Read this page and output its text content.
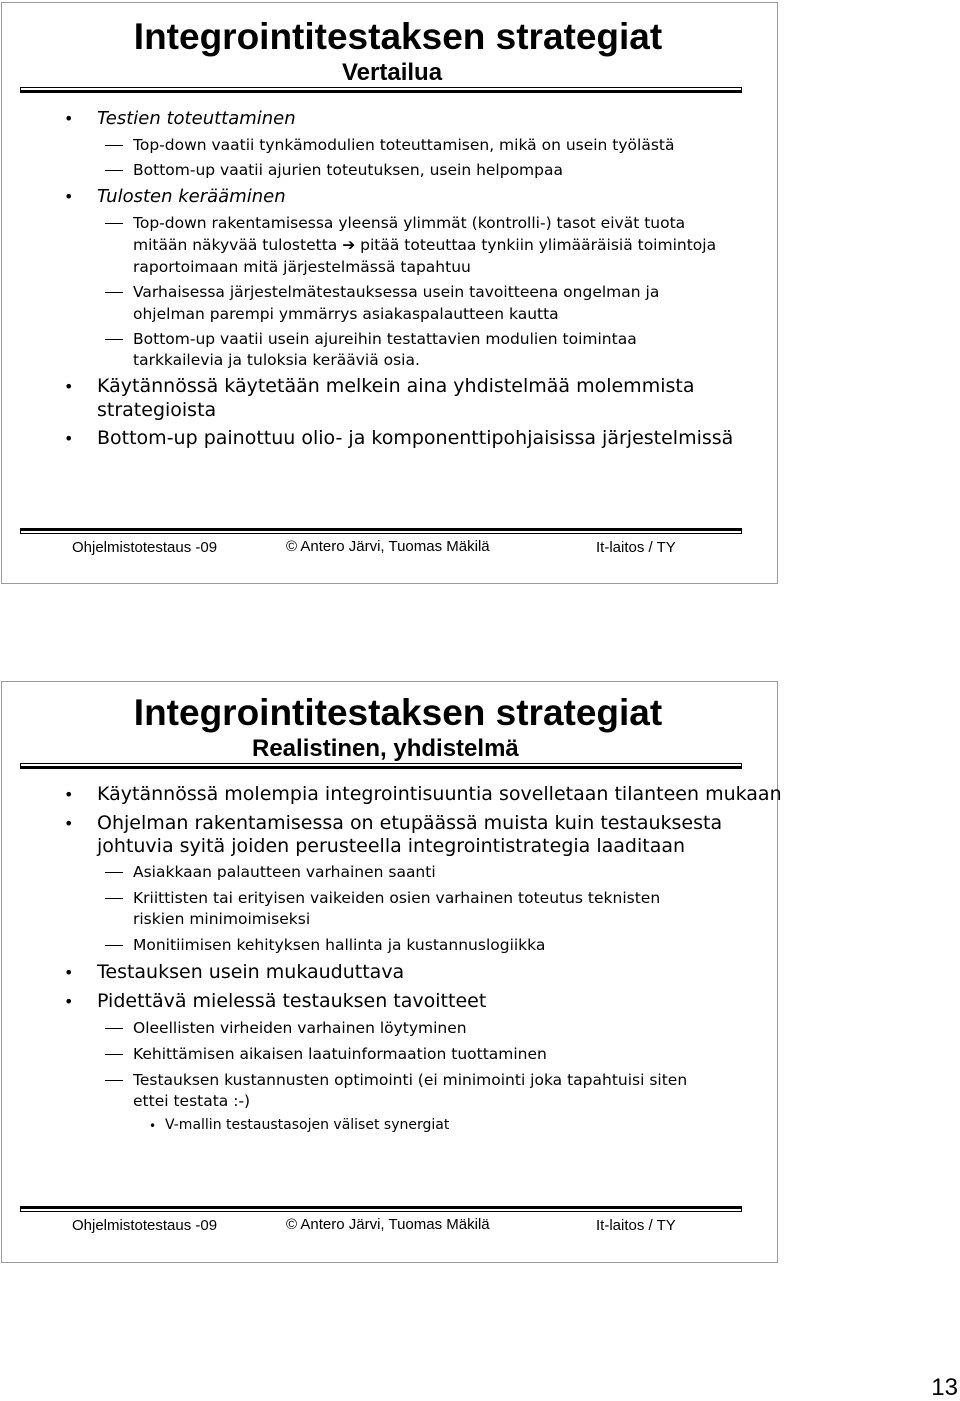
Integrointitestaksen strategiat
Vertailua
• Testien toteuttaminen
Top-down vaatii tynkämodulien toteuttamisen, mikä on usein työlästä
Bottom-up vaatii ajurien toteutuksen, usein helpompaa
• Tulosten kerääminen
Top-down rakentamisessa yleensä ylimmät (kontrolli-) tasot eivät tuota
mitään näkyvää tulostetta ➔ pitää toteuttaa tynkiin ylimääräisiä toimintoja
raportoimaan mitä järjestelmässä tapahtuu
Varhaisessa järjestelmätestauksessa usein tavoitteena ongelman ja
ohjelman parempi ymmärrys asiakaspalautteen kautta
Bottom-up vaatii usein ajureihin testattavien modulien toimintaa
tarkkailevia ja tuloksia kerääviä osia.
• Käytännössä käytetään melkein aina yhdistelmää molemmista
strategioista
• Bottom-up painottuu olio- ja komponenttipohjaisissa järjestelmissä
Ohjelmistotestaus -09	© Antero Järvi, Tuomas Mäkilä	It-laitos / TY
Integrointitestaksen strategiat
Realistinen, yhdistelmä
• Käytännössä molempia integrointisuuntia sovelletaan tilanteen mukaan
• Ohjelman rakentamisessa on etupäässä muista kuin testauksesta
johtuvia syitä joiden perusteella integrointistrategia laaditaan
Asiakkaan palautteen varhainen saanti
Kriittisten tai erityisen vaikeiden osien varhainen toteutus teknisten
riskien minimoimiseksi
Monitiimisen kehityksen hallinta ja kustannuslogiikka
• Testauksen usein mukauduttava
• Pidettävä mielessä testauksen tavoitteet
Oleellisten virheiden varhainen löytyminen
Kehittämisen aikaisen laatuinformaation tuottaminen
Testauksen kustannusten optimointi (ei minimointi joka tapahtuisi siten
ettei testata :-)
• V-mallin testaustasojen väliset synergiat
Ohjelmistotestaus -09	© Antero Järvi, Tuomas Mäkilä	It-laitos / TY
13
